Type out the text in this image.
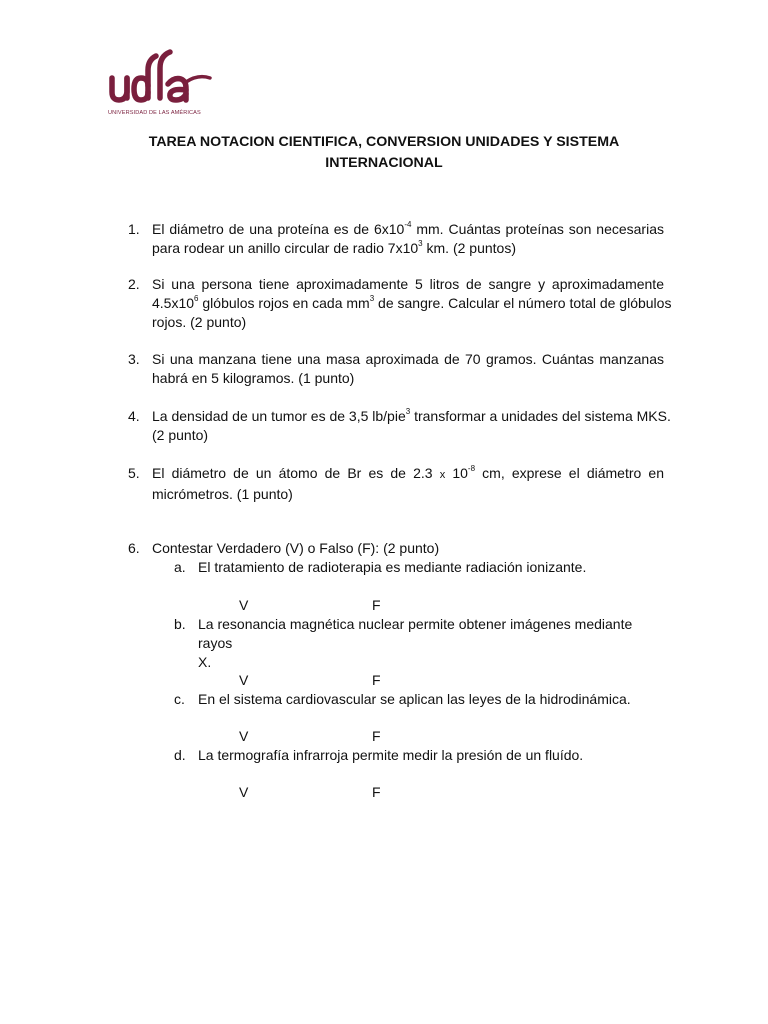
UNIVERSIDAD DE LAS AMÉRICAS
TAREA NOTACION CIENTIFICA, CONVERSION UNIDADES Y SISTEMA
INTERNACIONAL
1. El diámetro de una proteína es de $6x10^{-4}$ mm. Cuántas proteínas son necesarias
para rodear un anillo circular de radio $7x10^3$ km. (2 puntos)
2. Si una persona tiene aproximadamente 5 litros de sangre y aproximadamente
$4.5x10^6$ glóbulos rojos en cada $mm^3$ de sangre. Calcular el número total de glóbulos
rojos. (2 punto)
3. Si una manzana tiene una masa aproximada de 70 gramos. Cuántas manzanas
habrá en 5 kilogramos. (1 punto)
4. La densidad de un tumor es de 3,5 lb/pie$^3$ transformar a unidades del sistema MKS.
(2 punto)
5. El diámetro de un átomo de Br es de 2.3 x $10^{-8}$ cm, exprese el diámetro en
micrómetros. (1 punto)
6. Contestar Verdadero (V) o Falso (F): (2 punto)
a. El tratamiento de radioterapia es mediante radiación ionizante.
V	F
b. La resonancia magnética nuclear permite obtener imágenes mediante rayos
X.
V	F
c. En el sistema cardiovascular se aplican las leyes de la hidrodinámica.
V	F
d. La termografía infrarroja permite medir la presión de un fluído.
V	F
